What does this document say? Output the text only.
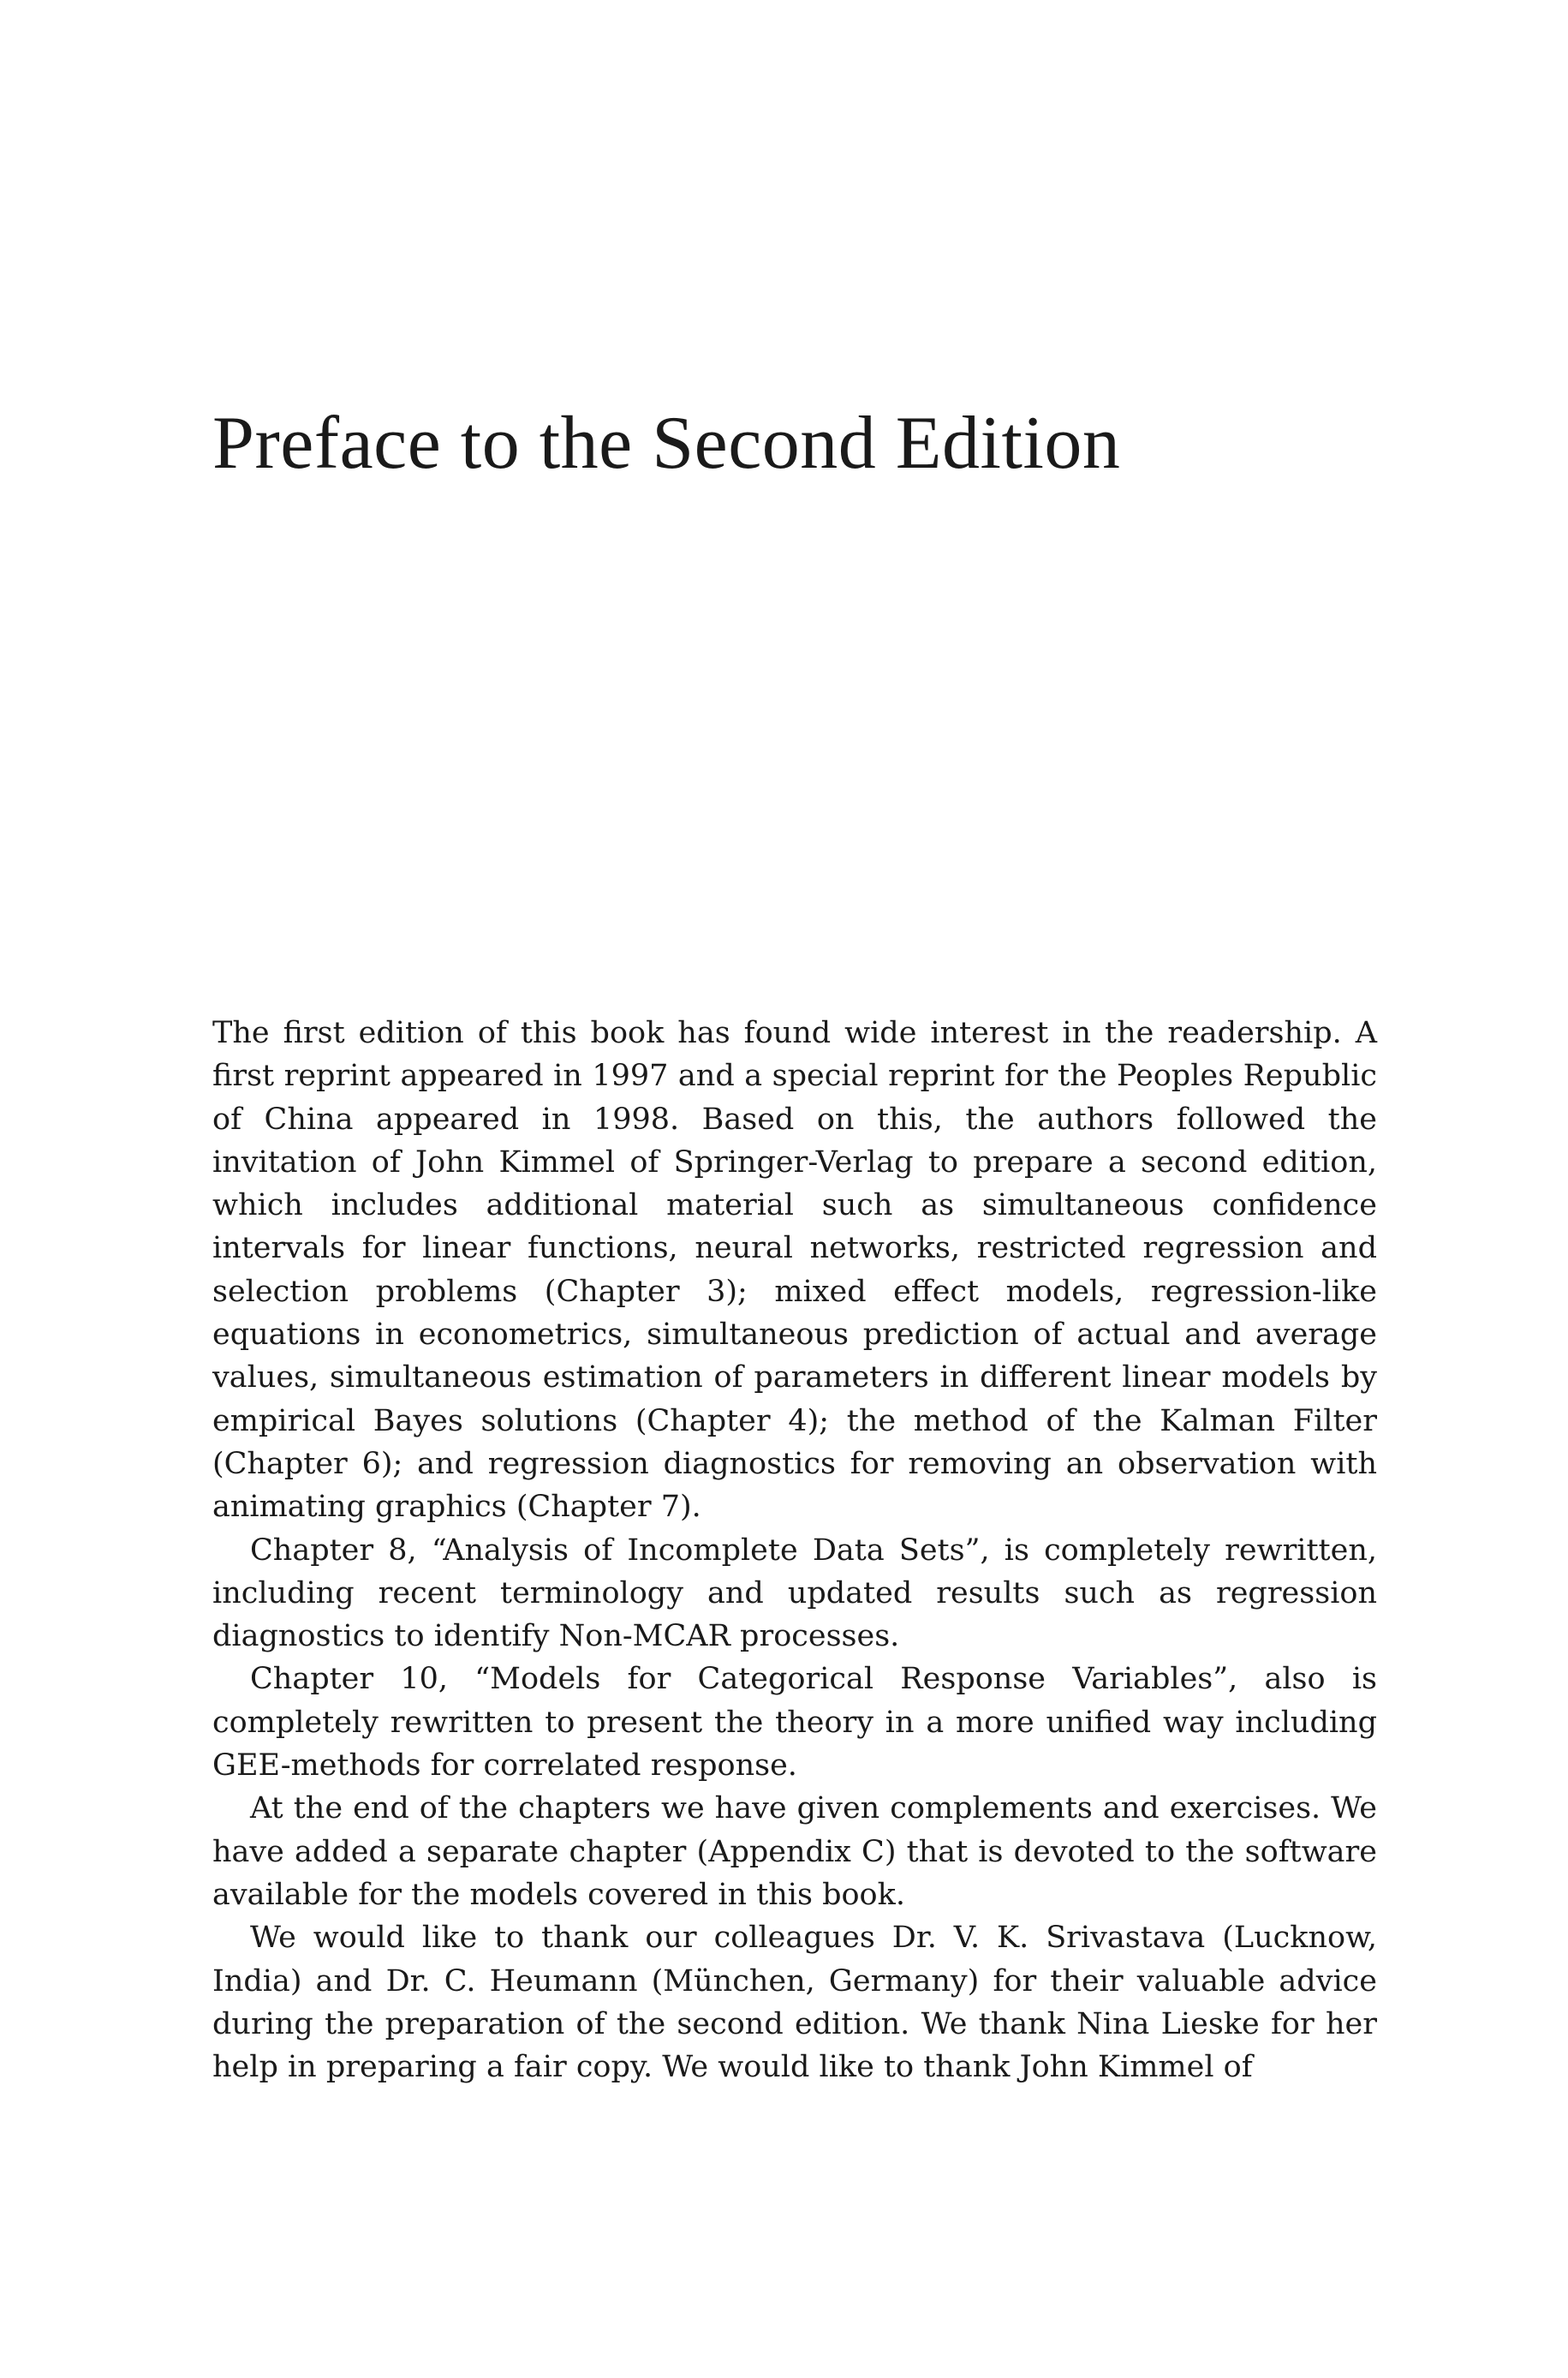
Preface to the Second Edition

The first edition of this book has found wide interest in the readership. A first reprint appeared in 1997 and a special reprint for the Peoples Republic of China appeared in 1998. Based on this, the authors followed the invitation of John Kimmel of Springer-Verlag to prepare a second edition, which includes additional material such as simultaneous confidence intervals for linear functions, neural networks, restricted regression and selection problems (Chapter 3); mixed effect models, regression-like equations in econometrics, simultaneous prediction of actual and average values, simultaneous estimation of parameters in different linear models by empirical Bayes solutions (Chapter 4); the method of the Kalman Filter (Chapter 6); and regression diagnostics for removing an observation with animating graphics (Chapter 7).

Chapter 8, “Analysis of Incomplete Data Sets”, is completely rewritten, including recent terminology and updated results such as regression diagnostics to identify Non-MCAR processes.

Chapter 10, “Models for Categorical Response Variables”, also is completely rewritten to present the theory in a more unified way including GEE-methods for correlated response.

At the end of the chapters we have given complements and exercises. We have added a separate chapter (Appendix C) that is devoted to the software available for the models covered in this book.

We would like to thank our colleagues Dr. V. K. Srivastava (Lucknow, India) and Dr. C. Heumann (München, Germany) for their valuable advice during the preparation of the second edition. We thank Nina Lieske for her help in preparing a fair copy. We would like to thank John Kimmel of
